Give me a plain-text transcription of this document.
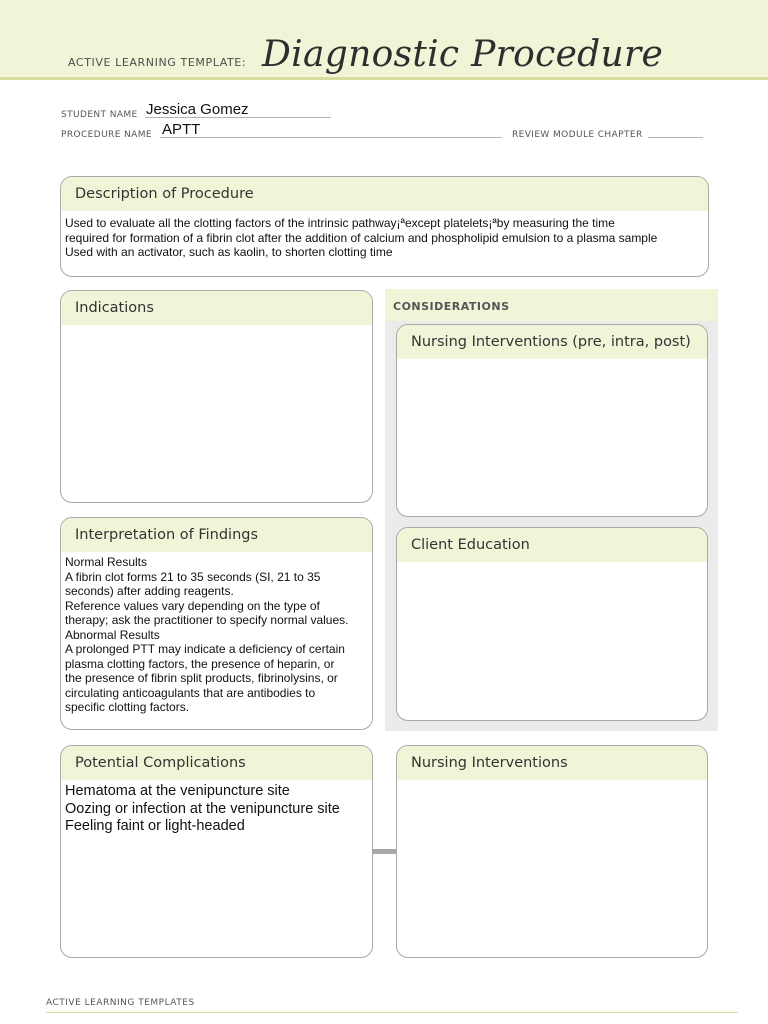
ACTIVE LEARNING TEMPLATE: Diagnostic Procedure
STUDENT NAME Jessica Gomez
PROCEDURE NAME APTT	REVIEW MODULE CHAPTER
Description of Procedure
Used to evaluate all the clotting factors of the intrinsic pathway¡ªexcept platelets¡ªby measuring the time
required for formation of a fibrin clot after the addition of calcium and phospholipid emulsion to a plasma sample
Used with an activator, such as kaolin, to shorten clotting time
Indications	CONSIDERATIONS
Nursing Interventions (pre, intra, post)
Client Education
Interpretation of Findings
Normal Results
A fibrin clot forms 21 to 35 seconds (SI, 21 to 35
seconds) after adding reagents.
Reference values vary depending on the type of
therapy; ask the practitioner to specify normal values.
Abnormal Results
A prolonged PTT may indicate a deficiency of certain
plasma clotting factors, the presence of heparin, or
the presence of fibrin split products, fibrinolysins, or
circulating anticoagulants that are antibodies to
specific clotting factors.
Potential Complications
Hematoma at the venipuncture site
Oozing or infection at the venipuncture site
Feeling faint or light-headed
Nursing Interventions
ACTIVE LEARNING TEMPLATES
